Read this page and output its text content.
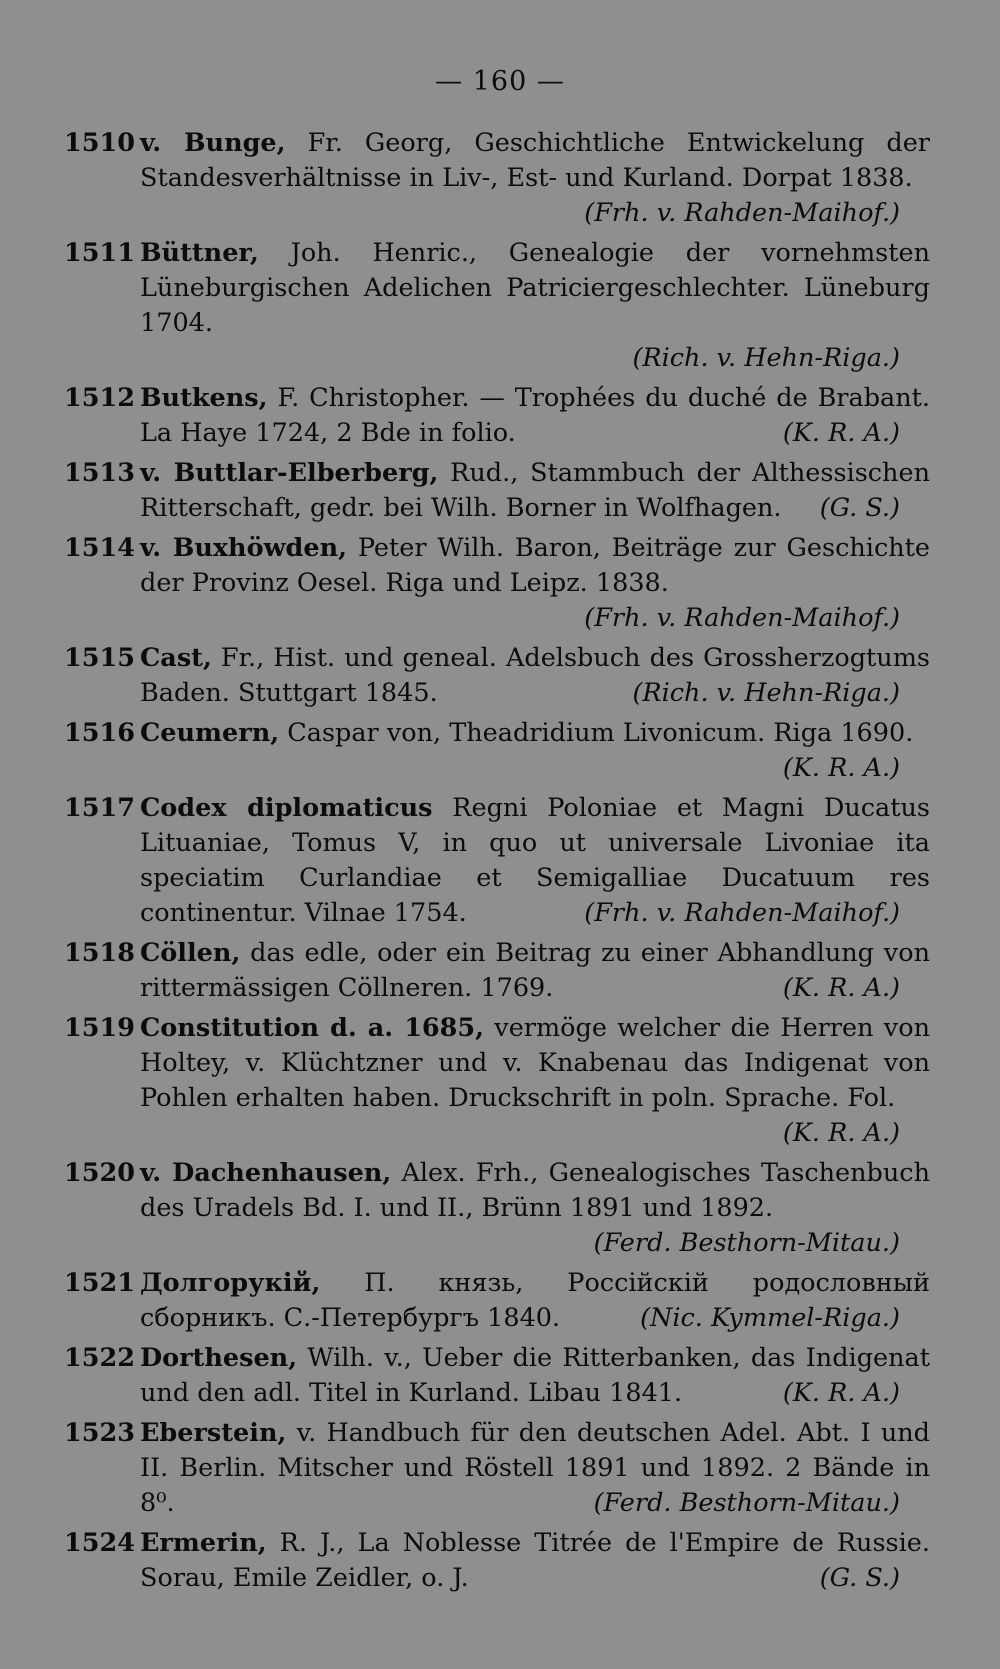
— 160 —
1510 v. Bunge, Fr. Georg, Geschichtliche Entwickelung der Standesverhältnisse in Liv-, Est- und Kurland. Dorpat 1838.
(Frh. v. Rahden-Maihof.)
1511 Büttner, Joh. Henric., Genealogie der vornehmsten Lüneburgischen Adelichen Patriciergeschlechter. Lüneburg 1704.
(Rich. v. Hehn-Riga.)
1512 Butkens, F. Christopher. — Trophées du duché de Brabant. La Haye 1724, 2 Bde in folio.	(K. R. A.)
1513 v. Buttlar-Elberberg, Rud., Stammbuch der Althessischen Ritterschaft, gedr. bei Wilh. Borner in Wolfhagen. (G. S.)
1514 v. Buxhöwden, Peter Wilh. Baron, Beiträge zur Geschichte der Provinz Oesel. Riga und Leipz. 1838.
(Frh. v. Rahden-Maihof.)
1515 Cast, Fr., Hist. und geneal. Adelsbuch des Grossherzogtums Baden. Stuttgart 1845.	(Rich. v. Hehn-Riga.)
1516 Ceumern, Caspar von, Theadridium Livonicum. Riga 1690.
(K. R. A.)
1517 Codex diplomaticus Regni Poloniae et Magni Ducatus Lituaniae, Tomus V, in quo ut universale Livoniae ita speciatim Curlandiae et Semigalliae Ducatuum res continentur. Vilnae 1754.	(Frh. v. Rahden-Maihof.)
1518 Cöllen, das edle, oder ein Beitrag zu einer Abhandlung von rittermässigen Cöllneren. 1769.	(K. R. A.)
1519 Constitution d. a. 1685, vermöge welcher die Herren von Holtey, v. Klüchtzner und v. Knabenau das Indigenat von Pohlen erhalten haben. Druckschrift in poln. Sprache. Fol.
(K. R. A.)
1520 v. Dachenhausen, Alex. Frh., Genealogisches Taschenbuch des Uradels Bd. I. und II., Brünn 1891 und 1892.
(Ferd. Besthorn-Mitau.)
1521 Долгорукій, П. князь, Россійскій родословный сборникъ. С.-Петербургъ 1840.	(Nic. Kymmel-Riga.)
1522 Dorthesen, Wilh. v., Ueber die Ritterbanken, das Indigenat und den adl. Titel in Kurland. Libau 1841.	(K. R. A.)
1523 Eberstein, v. Handbuch für den deutschen Adel. Abt. I und II. Berlin. Mitscher und Röstell 1891 und 1892. 2 Bände in 8⁰.	(Ferd. Besthorn-Mitau.)
1524 Ermerin, R. J., La Noblesse Titrée de l'Empire de Russie. Sorau, Emile Zeidler, o. J.	(G. S.)
